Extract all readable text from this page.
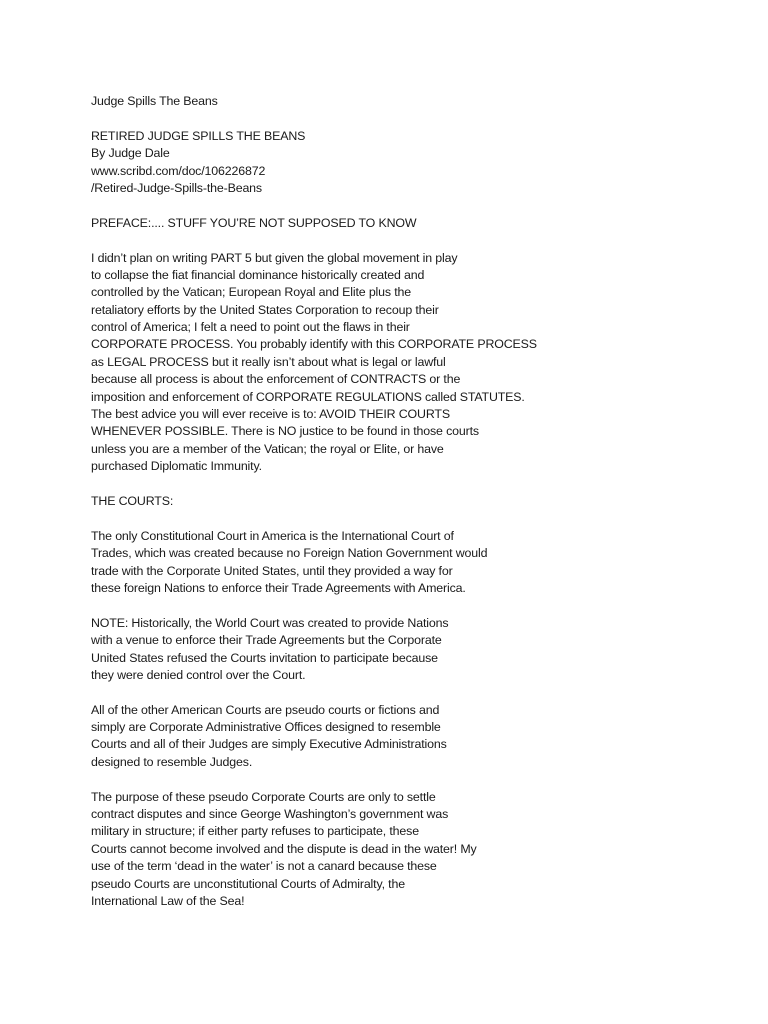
Judge Spills The Beans
RETIRED JUDGE SPILLS THE BEANS
By Judge Dale
www.scribd.com/doc/106226872
/Retired-Judge-Spills-the-Beans
PREFACE:.... STUFF YOU’RE NOT SUPPOSED TO KNOW
I didn’t plan on writing PART 5 but given the global movement in play
to collapse the fiat financial dominance historically created and
controlled by the Vatican; European Royal and Elite plus the
retaliatory efforts by the United States Corporation to recoup their
control of America; I felt a need to point out the flaws in their
CORPORATE PROCESS. You probably identify with this CORPORATE PROCESS
as LEGAL PROCESS but it really isn’t about what is legal or lawful
because all process is about the enforcement of CONTRACTS or the
imposition and enforcement of CORPORATE REGULATIONS called STATUTES.
The best advice you will ever receive is to: AVOID THEIR COURTS
WHENEVER POSSIBLE. There is NO justice to be found in those courts
unless you are a member of the Vatican; the royal or Elite, or have
purchased Diplomatic Immunity.
THE COURTS:
The only Constitutional Court in America is the International Court of
Trades, which was created because no Foreign Nation Government would
trade with the Corporate United States, until they provided a way for
these foreign Nations to enforce their Trade Agreements with America.
NOTE: Historically, the World Court was created to provide Nations
with a venue to enforce their Trade Agreements but the Corporate
United States refused the Courts invitation to participate because
they were denied control over the Court.
All of the other American Courts are pseudo courts or fictions and
simply are Corporate Administrative Offices designed to resemble
Courts and all of their Judges are simply Executive Administrations
designed to resemble Judges.
The purpose of these pseudo Corporate Courts are only to settle
contract disputes and since George Washington’s government was
military in structure; if either party refuses to participate, these
Courts cannot become involved and the dispute is dead in the water! My
use of the term ‘dead in the water’ is not a canard because these
pseudo Courts are unconstitutional Courts of Admiralty, the
International Law of the Sea!
